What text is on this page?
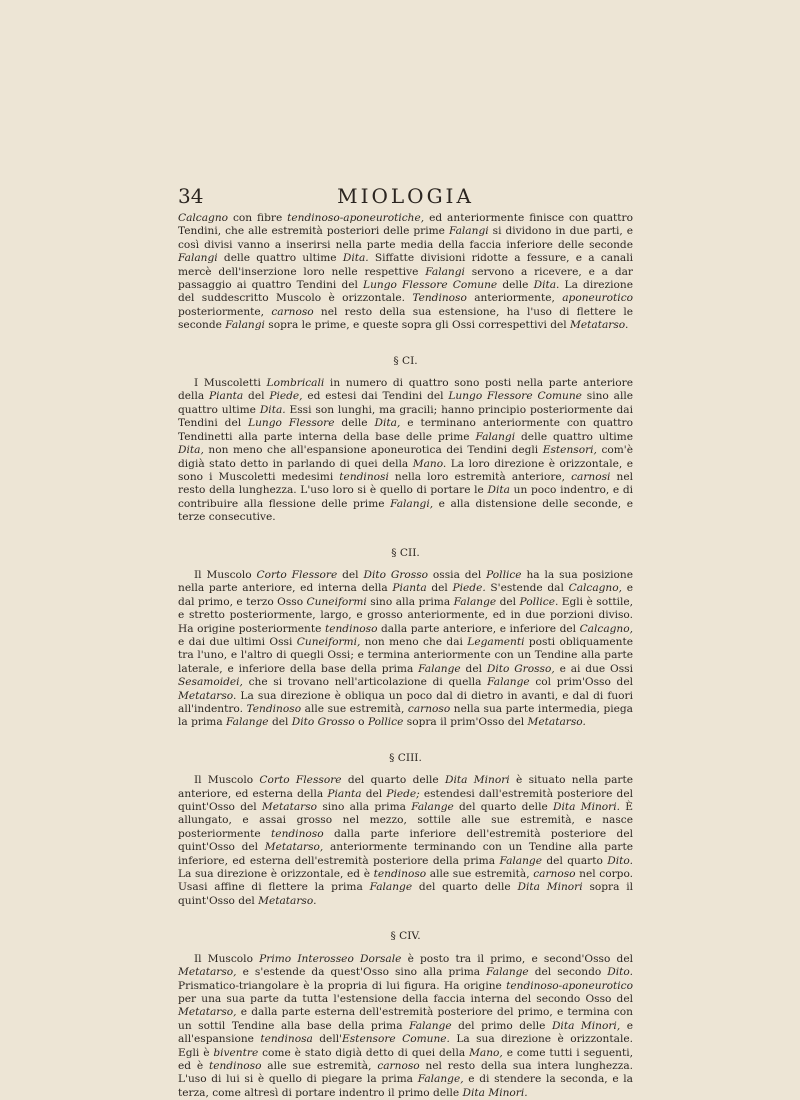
34	MIOLOGIA

Calcagno con fibre tendinoso-aponeurotiche, ed anteriormente finisce con quattro Tendini, che alle estremità posteriori delle prime Falangi si dividono in due parti, e così divisi vanno a inserirsi nella parte media della faccia inferiore delle seconde Falangi delle quattro ultime Dita. Siffatte divisioni ridotte a fessure, e a canali mercè dell'inserzione loro nelle respettive Falangi servono a ricevere, e a dar passaggio ai quattro Tendini del Lungo Flessore Comune delle Dita. La direzione del suddescritto Muscolo è orizzontale. Tendinoso anteriormente, aponeurotico posteriormente, carnoso nel resto della sua estensione, ha l'uso di flettere le seconde Falangi sopra le prime, e queste sopra gli Ossi correspettivi del Metatarso.

§ CI.

I Muscoletti Lombricali in numero di quattro sono posti nella parte anteriore della Pianta del Piede, ed estesi dai Tendini del Lungo Flessore Comune sino alle quattro ultime Dita. Essi son lunghi, ma gracili; hanno principio posteriormente dai Tendini del Lungo Flessore delle Dita, e terminano anteriormente con quattro Tendinetti alla parte interna della base delle prime Falangi delle quattro ultime Dita, non meno che all'espansione aponeurotica dei Tendini degli Estensori, com'è digià stato detto in parlando di quei della Mano. La loro direzione è orizzontale, e sono i Muscoletti medesimi tendinosi nella loro estremità anteriore, carnosi nel resto della lunghezza. L'uso loro si è quello di portare le Dita un poco indentro, e di contribuire alla flessione delle prime Falangi, e alla distensione delle seconde, e terze consecutive.

§ CII.

Il Muscolo Corto Flessore del Dito Grosso ossia del Pollice ha la sua posizione nella parte anteriore, ed interna della Pianta del Piede. S'estende dal Calcagno, e dal primo, e terzo Osso Cuneiformi sino alla prima Falange del Pollice. Egli è sottile, e stretto posteriormente, largo, e grosso anteriormente, ed in due porzioni diviso. Ha origine posteriormente tendinoso dalla parte anteriore, e inferiore del Calcagno, e dai due ultimi Ossi Cuneiformi, non meno che dai Legamenti posti obliquamente tra l'uno, e l'altro di quegli Ossi; e termina anteriormente con un Tendine alla parte laterale, e inferiore della base della prima Falange del Dito Grosso, e ai due Ossi Sesamoidei, che si trovano nell'articolazione di quella Falange col prim'Osso del Metatarso. La sua direzione è obliqua un poco dal di dietro in avanti, e dal di fuori all'indentro. Tendinoso alle sue estremità, carnoso nella sua parte intermedia, piega la prima Falange del Dito Grosso o Pollice sopra il prim'Osso del Metatarso.

§ CIII.

Il Muscolo Corto Flessore del quarto delle Dita Minori è situato nella parte anteriore, ed esterna della Pianta del Piede; estendesi dall'estremità posteriore del quint'Osso del Metatarso sino alla prima Falange del quarto delle Dita Minori. È allungato, e assai grosso nel mezzo, sottile alle sue estremità, e nasce posteriormente tendinoso dalla parte inferiore dell'estremità posteriore del quint'Osso del Metatarso, anteriormente terminando con un Tendine alla parte inferiore, ed esterna dell'estremità posteriore della prima Falange del quarto Dito. La sua direzione è orizzontale, ed è tendinoso alle sue estremità, carnoso nel corpo. Usasi affine di flettere la prima Falange del quarto delle Dita Minori sopra il quint'Osso del Metatarso.

§ CIV.

Il Muscolo Primo Interosseo Dorsale è posto tra il primo, e second'Osso del Metatarso, e s'estende da quest'Osso sino alla prima Falange del secondo Dito. Prismatico-triangolare è la propria di lui figura. Ha origine tendinoso-aponeurotico per una sua parte da tutta l'estensione della faccia interna del secondo Osso del Metatarso, e dalla parte esterna dell'estremità posteriore del primo, e termina con un sottil Tendine alla base della prima Falange del primo delle Dita Minori, e all'espansione tendinosa dell'Estensore Comune. La sua direzione è orizzontale. Egli è biventre come è stato digià detto di quei della Mano, e come tutti i seguenti, ed è tendinoso alle sue estremità, carnoso nel resto della sua intera lunghezza. L'uso di lui si è quello di piegare la prima Falange, e di stendere la seconda, e la terza, come altresì di portare indentro il primo delle Dita Minori.
